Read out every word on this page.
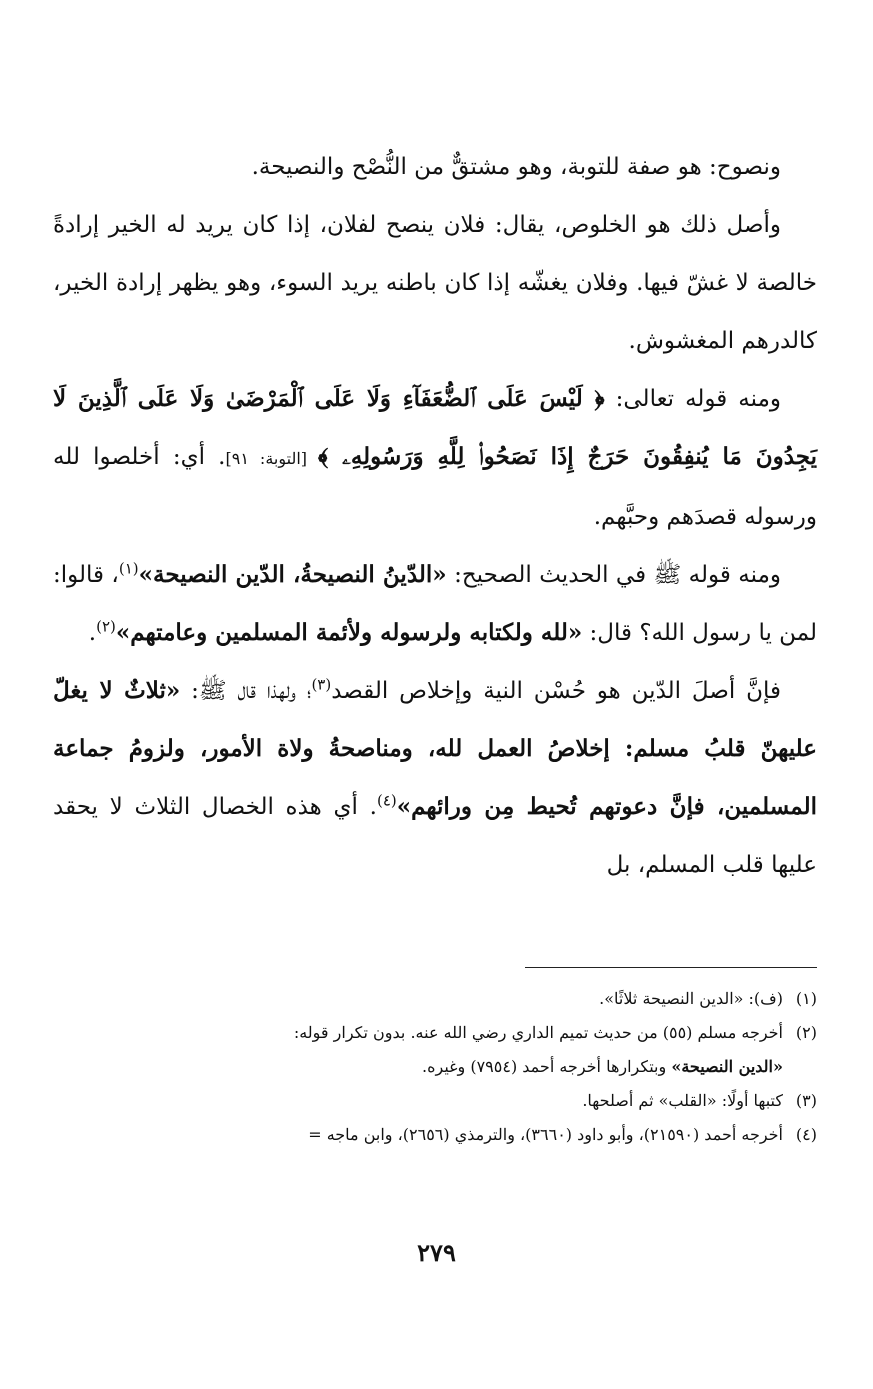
ونصوح: هو صفة للتوبة، وهو مشتقٌّ من النُّصْح والنصيحة.

وأصل ذلك هو الخلوص، يقال: فلان ينصح لفلان، إذا كان يريد له الخير إرادةً خالصة لا غشّ فيها. وفلان يغشّه إذا كان باطنه يريد السوء، وهو يظهر إرادة الخير، كالدرهم المغشوش.

ومنه قوله تعالى: ﴿ لَيْسَ عَلَى ٱلضُّعَفَآءِ وَلَا عَلَى ٱلْمَرْضَىٰ وَلَا عَلَى ٱلَّذِينَ لَا يَجِدُونَ مَا يُنفِقُونَ حَرَجٌ إِذَا نَصَحُوا۟ لِلَّهِ وَرَسُولِهِۦ ﴾ [التوبة: ٩١]. أي: أخلصوا لله ورسوله قصدَهم وحبَّهم.

ومنه قوله ﷺ في الحديث الصحيح: «الدّينُ النصيحةُ، الدّين النصيحة»$^{(١)}$، قالوا: لمن يا رسول الله؟ قال: «لله ولكتابه ولرسوله ولأئمة المسلمين وعامتهم»$^{(٢)}$.

فإنَّ أصلَ الدّين هو حُسْن النية وإخلاص القصد$^{(٣)}$؛ ولهذا قال ﷺ: «ثلاثٌ لا يغلّ عليهنّ قلبُ مسلم: إخلاصُ العمل لله، ومناصحةُ ولاة الأمور، ولزومُ جماعة المسلمين، فإنَّ دعوتهم تُحيط مِن ورائهم»$^{(٤)}$. أي هذه الخصال الثلاث لا يحقد عليها قلب المسلم، بل

(١)(ف): «الدين النصيحة ثلاثًا».

(٢)أخرجه مسلم (٥٥) من حديث تميم الداري رضي الله عنه. بدون تكرار قوله:

«الدين النصيحة» وبتكرارها أخرجه أحمد (٧٩٥٤) وغيره.

(٣)كتبها أولًا: «القلب» ثم أصلحها.

(٤)أخرجه أحمد (٢١٥٩٠)، وأبو داود (٣٦٦٠)، والترمذي (٢٦٥٦)، وابن ماجه =

٢٧٩
